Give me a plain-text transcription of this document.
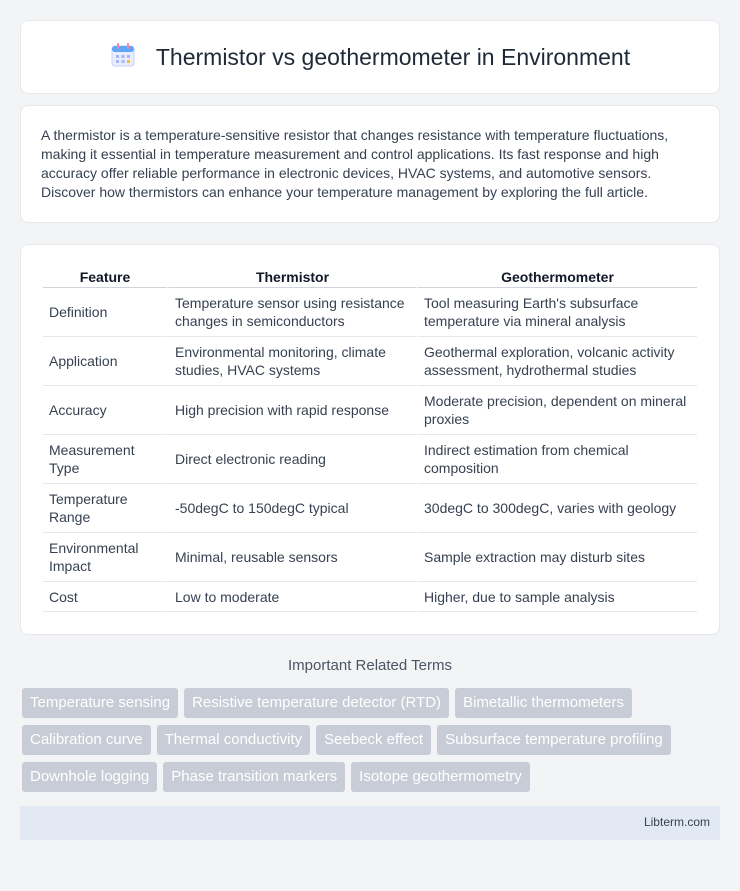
Thermistor vs geothermometer in Environment

A thermistor is a temperature-sensitive resistor that changes resistance with temperature fluctuations, making it essential in temperature measurement and control applications. Its fast response and high accuracy offer reliable performance in electronic devices, HVAC systems, and automotive sensors. Discover how thermistors can enhance your temperature management by exploring the full article.

Feature	Thermistor	Geothermometer
Definition	Temperature sensor using resistance changes in semiconductors	Tool measuring Earth's subsurface temperature via mineral analysis
Application	Environmental monitoring, climate studies, HVAC systems	Geothermal exploration, volcanic activity assessment, hydrothermal studies
Accuracy	High precision with rapid response	Moderate precision, dependent on mineral proxies
Measurement Type	Direct electronic reading	Indirect estimation from chemical composition
Temperature Range	-50degC to 150degC typical	30degC to 300degC, varies with geology
Environmental Impact	Minimal, reusable sensors	Sample extraction may disturb sites
Cost	Low to moderate	Higher, due to sample analysis
Important Related Terms
Temperature sensing	Resistive temperature detector (RTD)	Bimetallic thermometers
Calibration curve	Thermal conductivity	Seebeck effect	Subsurface temperature profiling
Downhole logging	Phase transition markers	Isotope geothermometry
Libterm.com
